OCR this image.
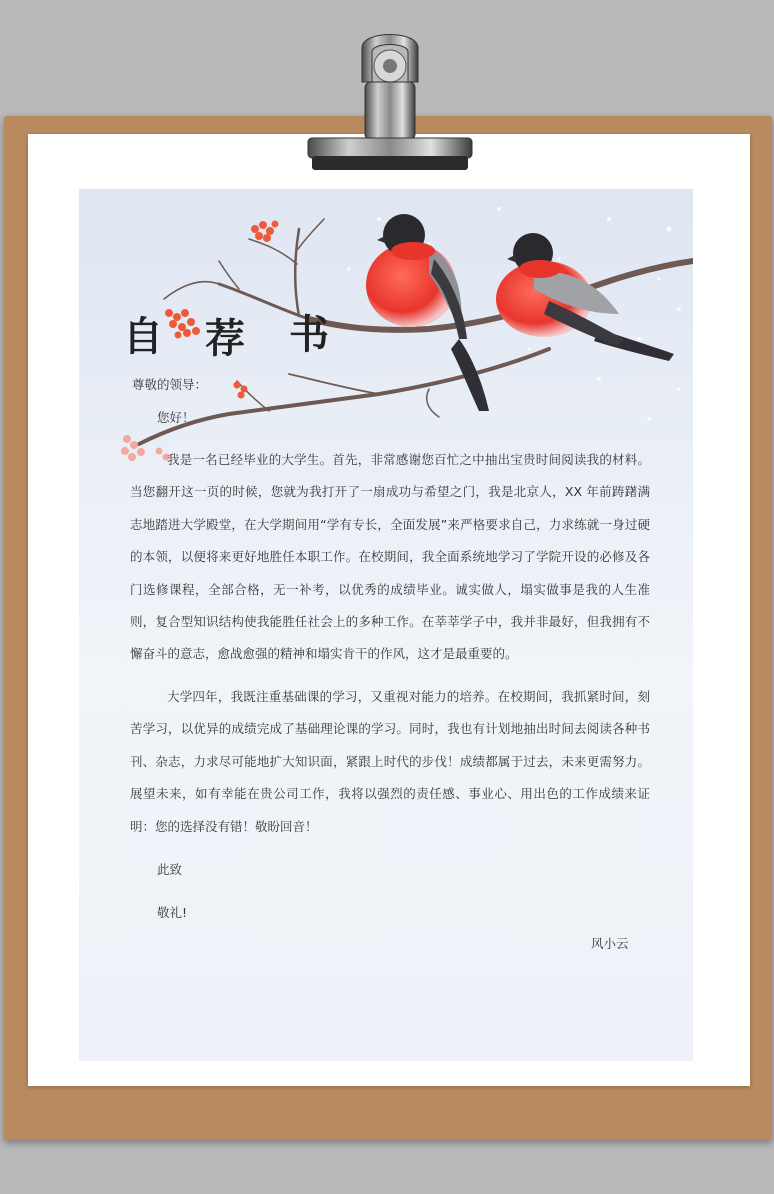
自 荐 书
尊敬的领导：
您好！
我是一名已经毕业的大学生。首先，非常感谢您百忙之中抽出宝贵时间阅读我的材料。当您翻开这一页的时候，您就为我打开了一扇成功与希望之门，我是北京人，XX 年前踌躇满志地踏进大学殿堂，在大学期间用“学有专长，全面发展”来严格要求自己，力求练就一身过硬的本领，以便将来更好地胜任本职工作。在校期间，我全面系统地学习了学院开设的必修及各门选修课程，全部合格，无一补考，以优秀的成绩毕业。诚实做人，塌实做事是我的人生准则，复合型知识结构使我能胜任社会上的多种工作。在莘莘学子中，我并非最好，但我拥有不懈奋斗的意志，愈战愈强的精神和塌实肯干的作风，这才是最重要的。
大学四年，我既注重基础课的学习，又重视对能力的培养。在校期间，我抓紧时间，刻苦学习，以优异的成绩完成了基础理论课的学习。同时，我也有计划地抽出时间去阅读各种书刊、杂志，力求尽可能地扩大知识面，紧跟上时代的步伐！成绩都属于过去，未来更需努力。展望未来，如有幸能在贵公司工作，我将以强烈的责任感、事业心、用出色的工作成绩来证明：您的选择没有错！敬盼回音！
此致
敬礼!
风小云
